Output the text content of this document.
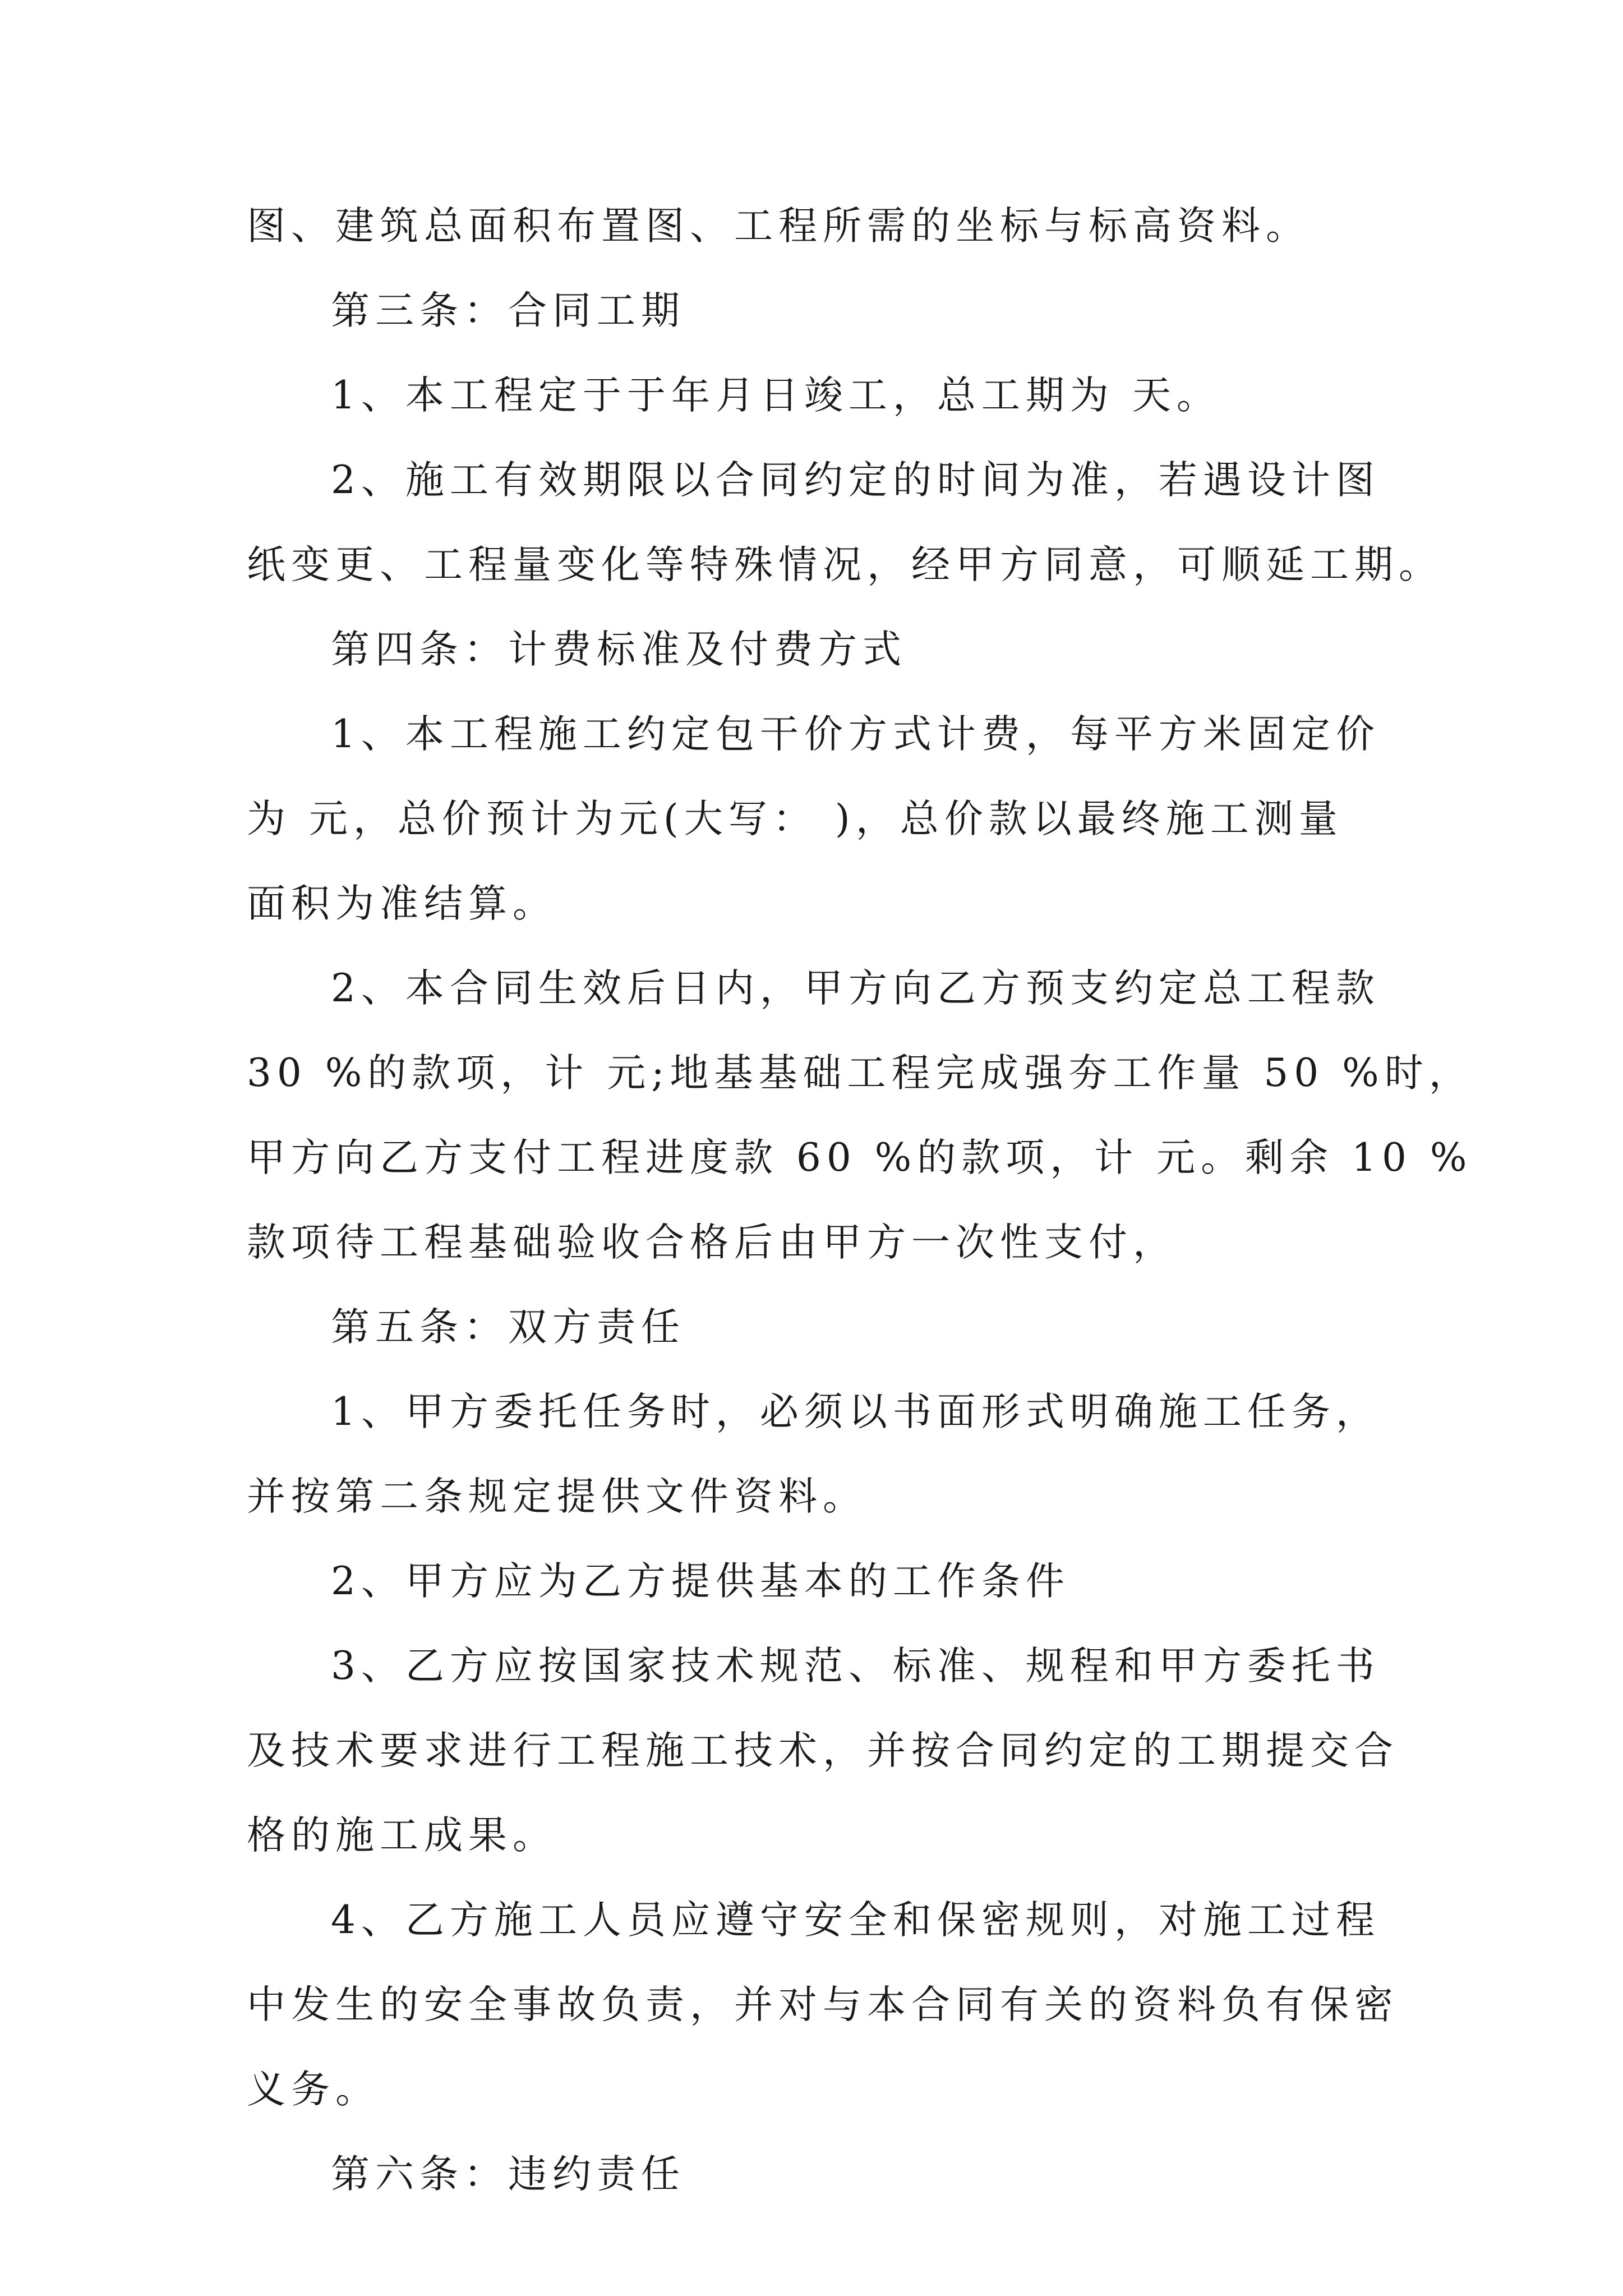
图、建筑总面积布置图、工程所需的坐标与标高资料。
第三条：合同工期
1、本工程定于于年月日竣工，总工期为 天。
2、施工有效期限以合同约定的时间为准，若遇设计图
纸变更、工程量变化等特殊情况，经甲方同意，可顺延工期。
第四条：计费标准及付费方式
1、本工程施工约定包干价方式计费，每平方米固定价
为 元，总价预计为元(大写： )，总价款以最终施工测量
面积为准结算。
2、本合同生效后日内，甲方向乙方预支约定总工程款
30 %的款项，计 元;地基基础工程完成强夯工作量 50 %时，
甲方向乙方支付工程进度款 60 %的款项，计 元。剩余 10 %
款项待工程基础验收合格后由甲方一次性支付，
第五条：双方责任
1、甲方委托任务时，必须以书面形式明确施工任务，
并按第二条规定提供文件资料。
2、甲方应为乙方提供基本的工作条件
3、乙方应按国家技术规范、标准、规程和甲方委托书
及技术要求进行工程施工技术，并按合同约定的工期提交合
格的施工成果。
4、乙方施工人员应遵守安全和保密规则，对施工过程
中发生的安全事故负责，并对与本合同有关的资料负有保密
义务。
第六条：违约责任
